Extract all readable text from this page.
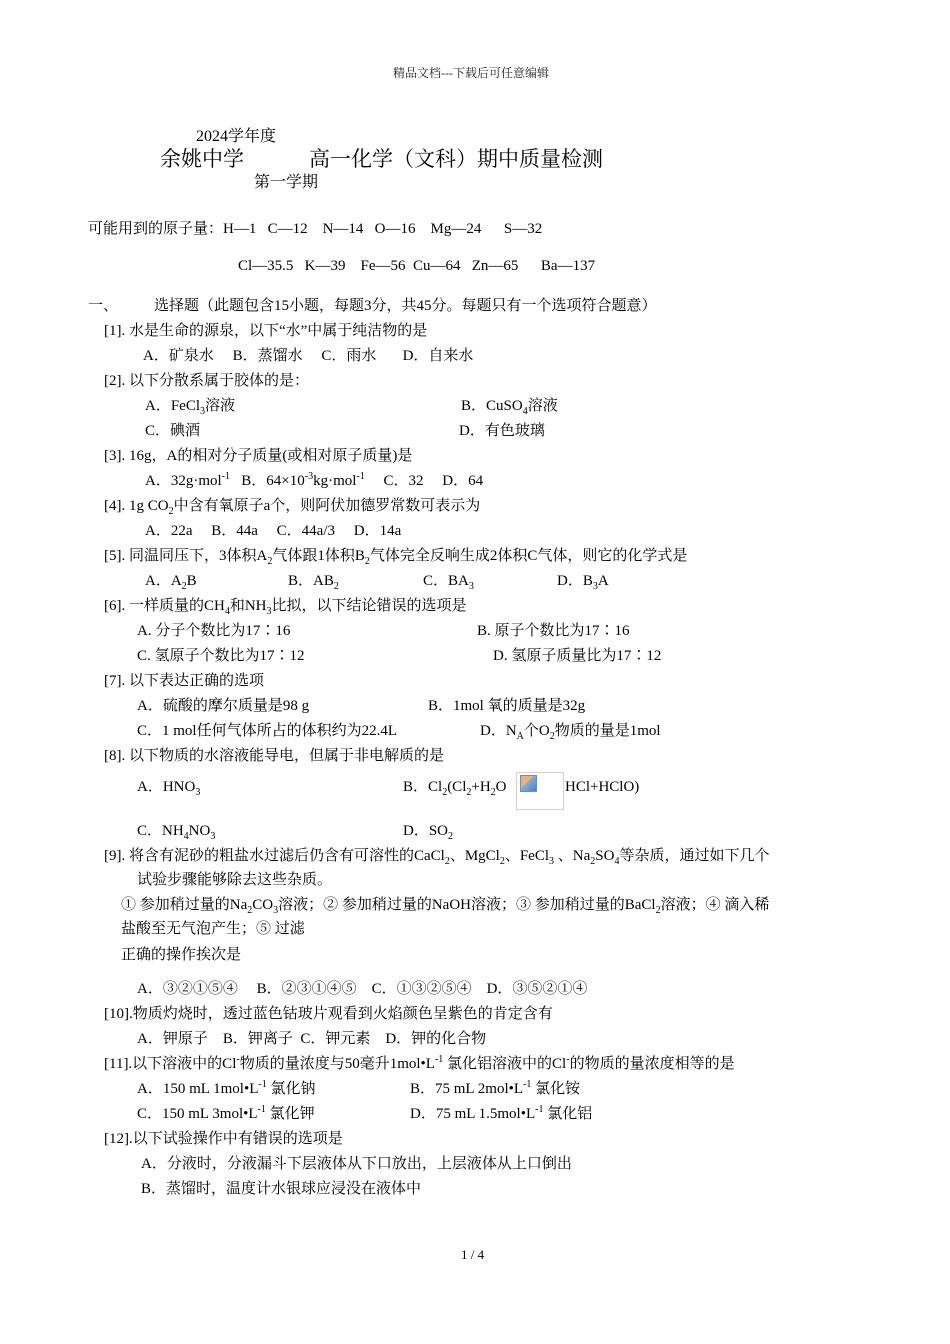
精品文档---下载后可任意编辑
2024学年度
余姚中学	高一化学（文科）期中质量检测
第一学期
可能用到的原子量：H—1   C—12    N—14   O—16    Mg—24      S—32
Cl—35.5   K—39    Fe—56  Cu—64   Zn—65      Ba—137
一、 选择题（此题包含15小题，每题3分，共45分。每题只有一个选项符合题意）
[1]. 水是生命的源泉，以下“水”中属于纯洁物的是
A．矿泉水     B．蒸馏水     C．雨水       D．自来水
[2]. 以下分散系属于胶体的是：
A．FeCl$_3$溶液	B．CuSO$_4$溶液
C．碘酒	D．有色玻璃
[3]. 16g，A的相对分子质量(或相对原子质量)是
A．32g·mol$^{-1}$   B．$64\times 10^{-3}kg\cdot mol^{-1}$     C．32     D．64
[4]. 1g $CO_2$中含有氧原子a个，则阿伏加德罗常数可表示为
A．22a     B．44a     C．44a/3     D．14a
[5]. 同温同压下，3体积$A_2$气体跟1体积$B_2$气体完全反响生成2体积C气体，则它的化学式是
A．$A_2B$	B．$AB_2$	C．$BA_3$	D．$B_3A$
[6]. 一样质量的$CH_4$和$NH_3$比拟，以下结论错误的选项是
A. 分子个数比为17∶16	B. 原子个数比为17∶16
C. 氢原子个数比为17∶12	D. 氢原子质量比为17∶12
[7]. 以下表达正确的选项
A．硫酸的摩尔质量是98 g	B．1mol 氧的质量是32g
C．1 mol任何气体所占的体积约为22.4L	D．$N_A$个$O_2$物质的量是1mol
[8]. 以下物质的水溶液能导电，但属于非电解质的是
A．$HNO_3$	B．$Cl_2(Cl_2+H_2O$	HCl+HClO)
C．$NH_4NO_3$	D．$SO_2$
[9]. 将含有泥砂的粗盐水过滤后仍含有可溶性的CaCl$_2$、MgCl$_2$、FeCl$_3$ 、$Na_2SO_4$等杂质，通过如下几个
试验步骤能够除去这些杂质。
① 参加稍过量的$Na_2CO_3$溶液；② 参加稍过量的NaOH溶液；③ 参加稍过量的BaCl$_2$溶液；④ 滴入稀
盐酸至无气泡产生；⑤ 过滤
正确的操作挨次是
A．③②①⑤④     B．②③①④⑤    C．①③②⑤④    D．③⑤②①④
[10].物质灼烧时，透过蓝色钴玻片观看到火焰颜色呈紫色的肯定含有
A．钾原子    B．钾离子  C．钾元素    D．钾的化合物
[11].以下溶液中的Cl-物质的量浓度与50毫升$1mol•L^{-1}$ 氯化铝溶液中的Cl-的物质的量浓度相等的是
A．150 mL $1mol•L^{-1}$ 氯化钠	B．75 mL $2mol•L^{-1}$ 氯化铵
C．150 mL $3mol•L^{-1}$ 氯化钾	D．75 mL $1.5mol•L^{-1}$ 氯化铝
[12].以下试验操作中有错误的选项是
A．分液时，分液漏斗下层液体从下口放出，上层液体从上口倒出
B．蒸馏时，温度计水银球应浸没在液体中
1 / 4
